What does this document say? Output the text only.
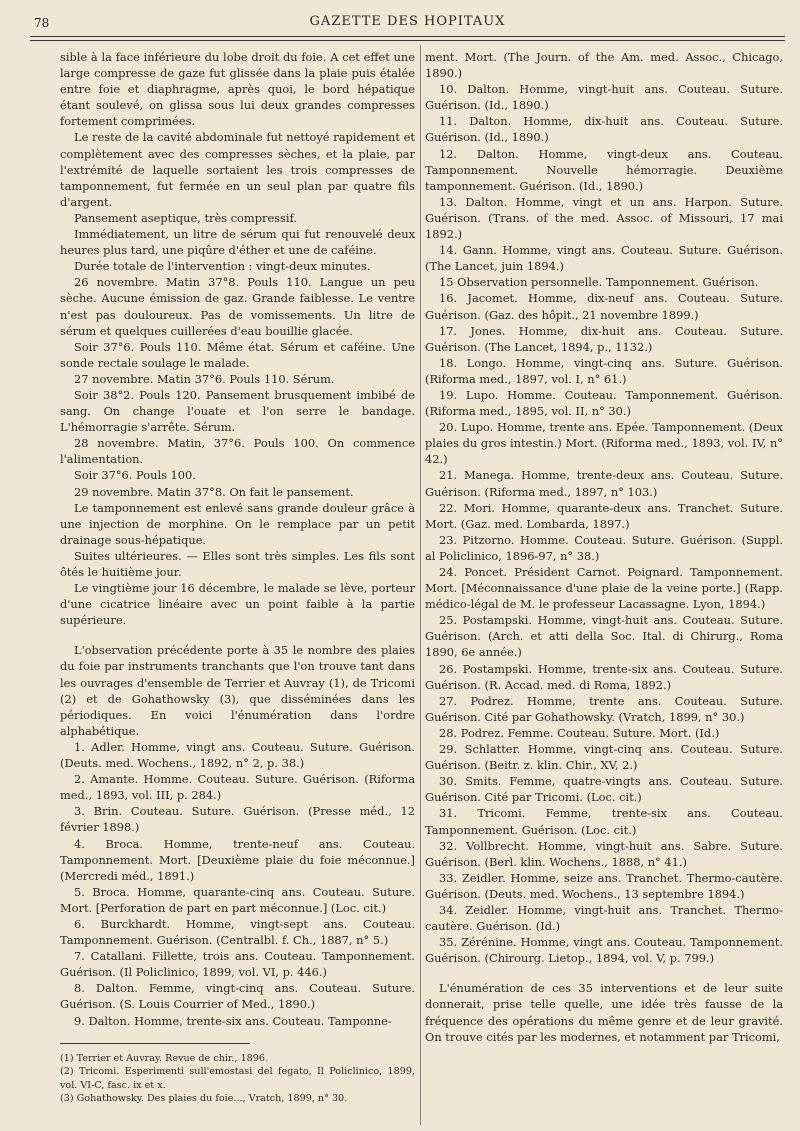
78	GAZETTE DES HOPITAUX

sible à la face inférieure du lobe droit du foie. A cet effet une large compresse de gaze fut glissée dans la plaie puis étalée entre foie et diaphragme, après quoi, le bord hépatique étant soulevé, on glissa sous lui deux grandes compresses fortement comprimées.

Le reste de la cavité abdominale fut nettoyé rapidement et complètement avec des compresses sèches, et la plaie, par l'extrémité de laquelle sortaient les trois compresses de tamponnement, fut fermée en un seul plan par quatre fils d'argent.

Pansement aseptique, très compressif.

Immédiatement, un litre de sérum qui fut renouvelé deux heures plus tard, une piqûre d'éther et une de caféine.

Durée totale de l'intervention : vingt-deux minutes.

26 novembre. Matin 37°8. Pouls 110. Langue un peu sèche. Aucune émission de gaz. Grande faiblesse. Le ventre n'est pas douloureux. Pas de vomissements. Un litre de sérum et quelques cuillerées d'eau bouillie glacée.

Soir 37°6. Pouls 110. Même état. Sérum et caféine. Une sonde rectale soulage le malade.

27 novembre. Matin 37°6. Pouls 110. Sérum.

Soir 38°2. Pouls 120. Pansement brusquement imbibé de sang. On change l'ouate et l'on serre le bandage. L'hémorragie s'arrête. Sérum.

28 novembre. Matin, 37°6. Pouls 100. On commence l'alimentation.

Soir 37°6. Pouls 100.

29 novembre. Matin 37°8. On fait le pansement.

Le tamponnement est enlevé sans grande douleur grâce à une injection de morphine. On le remplace par un petit drainage sous-hépatique.

Suites ultérieures. — Elles sont très simples. Les fils sont ôtés le huitième jour.

Le vingtième jour 16 décembre, le malade se lève, porteur d'une cicatrice linéaire avec un point faible à la partie supérieure.

L'observation précédente porte à 35 le nombre des plaies du foie par instruments tranchants que l'on trouve tant dans les ouvrages d'ensemble de Terrier et Auvray (1), de Tricomi (2) et de Gohathowsky (3), que disséminées dans les périodiques. En voici l'énumération dans l'ordre alphabétique.

1. Adler. Homme, vingt ans. Couteau. Suture. Guérison. (Deuts. med. Wochens., 1892, n° 2, p. 38.)

2. Amante. Homme. Couteau. Suture. Guérison. (Riforma med., 1893, vol. III, p. 284.)

3. Brin. Couteau. Suture. Guérison. (Presse méd., 12 février 1898.)

4. Broca. Homme, trente-neuf ans. Couteau. Tamponnement. Mort. [Deuxième plaie du foie méconnue.] (Mercredi méd., 1891.)

5. Broca. Homme, quarante-cinq ans. Couteau. Suture. Mort. [Perforation de part en part méconnue.] (Loc. cit.)

6. Burckhardt. Homme, vingt-sept ans. Couteau. Tamponnement. Guérison. (Centralbl. f. Ch., 1887, n° 5.)

7. Catallani. Fillette, trois ans. Couteau. Tamponnement. Guérison. (Il Policlinico, 1899, vol. VI, p. 446.)

8. Dalton. Femme, vingt-cinq ans. Couteau. Suture. Guérison. (S. Louis Courrier of Med., 1890.)

9. Dalton. Homme, trente-six ans. Couteau. Tamponne-

(1) Terrier et Auvray. Revue de chir., 1896.

(2) Tricomi. Esperimenti sull'emostasi del fegato, Il Policlinico, 1899, vol. VI-C, fasc. ix et x.

(3) Gohathowsky. Des plaies du foie..., Vratch, 1899, n° 30.

ment. Mort. (The Journ. of the Am. med. Assoc., Chicago, 1890.)

10. Dalton. Homme, vingt-huit ans. Couteau. Suture. Guérison. (Id., 1890.)

11. Dalton. Homme, dix-huit ans. Couteau. Suture. Guérison. (Id., 1890.)

12. Dalton. Homme, vingt-deux ans. Couteau. Tamponnement. Nouvelle hémorragie. Deuxième tamponnement. Guérison. (Id., 1890.)

13. Dalton. Homme, vingt et un ans. Harpon. Suture. Guérison. (Trans. of the med. Assoc. of Missouri, 17 mai 1892.)

14. Gann. Homme, vingt ans. Couteau. Suture. Guérison. (The Lancet, juin 1894.)

15 Observation personnelle. Tamponnement. Guérison.

16. Jacomet. Homme, dix-neuf ans. Couteau. Suture. Guérison. (Gaz. des hôpit., 21 novembre 1899.)

17. Jones. Homme, dix-huit ans. Couteau. Suture. Guérison. (The Lancet, 1894, p., 1132.)

18. Longo. Homme, vingt-cinq ans. Suture. Guérison. (Riforma med., 1897, vol. I, n° 61.)

19. Lupo. Homme. Couteau. Tamponnement. Guérison. (Riforma med., 1895, vol. II, n° 30.)

20. Lupo. Homme, trente ans. Epée. Tamponnement. (Deux plaies du gros intestin.) Mort. (Riforma med., 1893, vol. IV, n° 42.)

21. Manega. Homme, trente-deux ans. Couteau. Suture. Guérison. (Riforma med., 1897, n° 103.)

22. Mori. Homme, quarante-deux ans. Tranchet. Suture. Mort. (Gaz. med. Lombarda, 1897.)

23. Pitzorno. Homme. Couteau. Suture. Guérison. (Suppl. al Policlinico, 1896-97, n° 38.)

24. Poncet. Président Carnot. Poignard. Tamponnement. Mort. [Méconnaissance d'une plaie de la veine porte.] (Rapp. médico-légal de M. le professeur Lacassagne. Lyon, 1894.)

25. Postampski. Homme, vingt-huit ans. Couteau. Suture. Guérison. (Arch. et atti della Soc. Ital. di Chirurg., Roma 1890, 6e année.)

26. Postampski. Homme, trente-six ans. Couteau. Suture. Guérison. (R. Accad. med. di Roma, 1892.)

27. Podrez. Homme, trente ans. Couteau. Suture. Guérison. Cité par Gohathowsky. (Vratch, 1899, n° 30.)

28. Podrez. Femme. Couteau. Suture. Mort. (Id.)

29. Schlatter. Homme, vingt-cinq ans. Couteau. Suture. Guérison. (Beitr. z. klin. Chir., XV, 2.)

30. Smits. Femme, quatre-vingts ans. Couteau. Suture. Guérison. Cité par Tricomi. (Loc. cit.)

31. Tricomi. Femme, trente-six ans. Couteau. Tamponnement. Guérison. (Loc. cit.)

32. Vollbrecht. Homme, vingt-huit ans. Sabre. Suture. Guérison. (Berl. klin. Wochens., 1888, n° 41.)

33. Zeidler. Homme, seize ans. Tranchet. Thermo-cautère. Guérison. (Deuts. med. Wochens., 13 septembre 1894.)

34. Zeidler. Homme, vingt-huit ans. Tranchet. Thermo-cautère. Guérison. (Id.)

35. Zérénine. Homme, vingt ans. Couteau. Tamponnement. Guérison. (Chirourg. Lietop., 1894, vol. V, p. 799.)

L'énumération de ces 35 interventions et de leur suite donnerait, prise telle quelle, une idée très fausse de la fréquence des opérations du même genre et de leur gravité. On trouve cités par les modernes, et notamment par Tricomi,
